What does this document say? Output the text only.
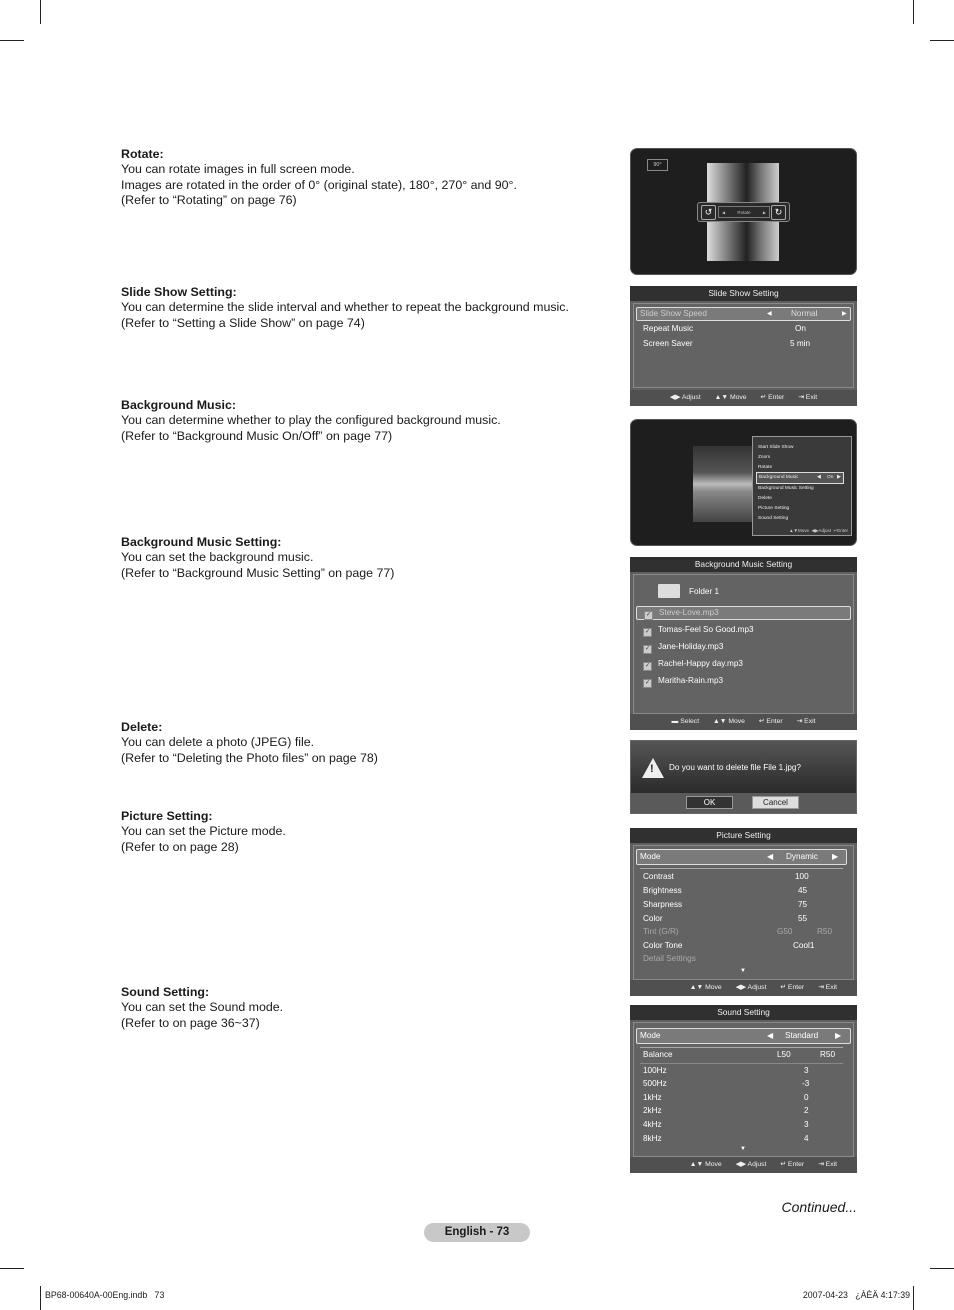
Rotate:
You can rotate images in full screen mode.
Images are rotated in the order of 0° (original state), 180°, 270° and 90°.
(Refer to “Rotating” on page 76)
Slide Show Setting:
You can determine the slide interval and whether to repeat the background music.
(Refer to “Setting a Slide Show” on page 74)
Background Music:
You can determine whether to play the configured background music.
(Refer to “Background Music On/Off” on page 77)
Background Music Setting:
You can set the background music.
(Refer to “Background Music Setting” on page 77)
Delete:
You can delete a photo (JPEG) file.
(Refer to “Deleting the Photo files” on page 78)
Picture Setting:
You can set the Picture mode.
(Refer to on page 28)
Sound Setting:
You can set the Sound mode.
(Refer to on page 36~37)
90°
↺	◀	Rotate	▶ ↻
Slide Show Setting
Slide Show Speed	◀ Normal	▶
Repeat Music	On
Screen Saver	5 min
◀▶ Adjust ▲▼ Move ↵ Enter ⇥ Exit
Start Slide Show
Zoom
Rotate
Background Music	◀ On ▶
Background Music Setting
Delete
Picture Setting
Sound Setting
▲▼Move  ◀▶Adjust  ↵Enter
Background Music Setting
Folder 1
✓ Steve-Love.mp3
✓ Tomas-Feel So Good.mp3
✓ Jane-Holiday.mp3
✓ Rachel-Happy day.mp3
✓ Maritha-Rain.mp3
▬ Select ▲▼ Move ↵ Enter ⇥ Exit
! Do you want to delete file File 1.jpg?
OK	Cancel
Picture Setting
Mode	◀ Dynamic ▶
Contrast	100
Brightness	45
Sharpness	75
Color	55
Tint (G/R)	G50	R50
Color Tone	Cool1
Detail Settings
▼
▲▼ Move ◀▶ Adjust ↵ Enter ⇥ Exit
Sound Setting
Mode	◀ Standard ▶
Balance	L50	R50
100Hz	3
500Hz	-3
1kHz	0
2kHz	2
4kHz	3
8kHz	4
▼
▲▼ Move ◀▶ Adjust ↵ Enter ⇥ Exit
Continued...
English - 73
BP68-00640A-00Eng.indb   73	2007-04-23   ¿ÀÈÄ 4:17:39
